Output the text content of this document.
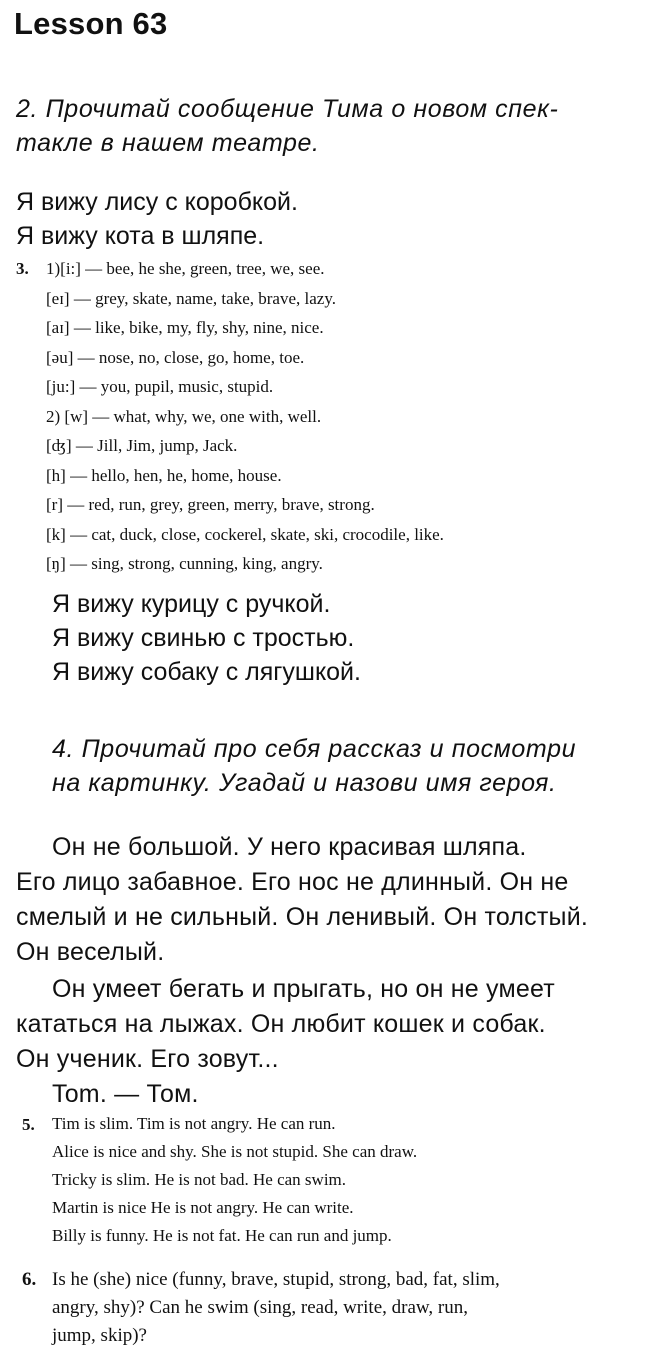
Lesson 63
2. Прочитай сообщение Тима о новом спек-
такле в нашем театре.
Я вижу лису с коробкой.
Я вижу кота в шляпе.
3. 1)[i:] — bee, he she, green, tree, we, see.
[eɪ] — grey, skate, name, take, brave, lazy.
[aɪ] — like, bike, my, fly, shy, nine, nice.
[əu] — nose, no, close, go, home, toe.
[ju:] — you, pupil, music, stupid.
2) [w] — what, why, we, one with, well.
[ʤ] — Jill, Jim, jump, Jack.
[h] — hello, hen, he, home, house.
[r] — red, run, grey, green, merry, brave, strong.
[k] — cat, duck, close, cockerel, skate, ski, crocodile, like.
[ŋ] — sing, strong, cunning, king, angry.
Я вижу курицу с ручкой.
Я вижу свинью с тростью.
Я вижу собаку с лягушкой.
4. Прочитай про себя рассказ и посмотри
на картинку. Угадай и назови имя героя.
Он не большой. У него красивая шляпа.
Его лицо забавное. Его нос не длинный. Он не
смелый и не сильный. Он ленивый. Он толстый.
Он веселый.
Он умеет бегать и прыгать, но он не умеет
кататься на лыжах. Он любит кошек и собак.
Он ученик. Его зовут...
Tom. — Том.
5. Tim is slim. Tim is not angry. He can run.
Alice is nice and shy. She is not stupid. She can draw.
Tricky is slim. He is not bad. He can swim.
Martin is nice He is not angry. He can write.
Billy is funny. He is not fat. He can run and jump.
6. Is he (she) nice (funny, brave, stupid, strong, bad, fat, slim,
angry, shy)? Can he swim (sing, read, write, draw, run,
jump, skip)?
